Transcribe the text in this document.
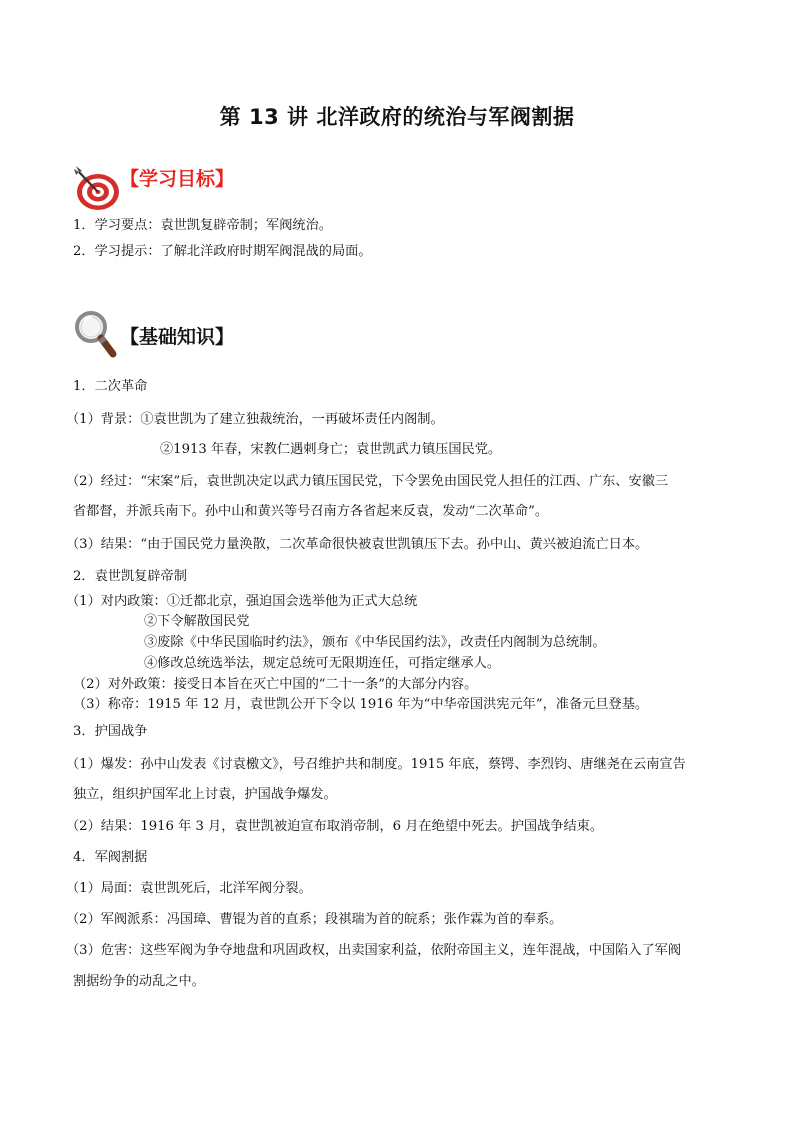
第 13 讲 北洋政府的统治与军阀割据
【学习目标】
1．学习要点：袁世凯复辟帝制；军阀统治。
2．学习提示：了解北洋政府时期军阀混战的局面。
【基础知识】
1．二次革命
（1）背景：①袁世凯为了建立独裁统治，一再破坏责任内阁制。
②1913 年春，宋教仁遇刺身亡；袁世凯武力镇压国民党。
（2）经过：“宋案”后，袁世凯决定以武力镇压国民党，下令罢免由国民党人担任的江西、广东、安徽三
省都督，并派兵南下。孙中山和黄兴等号召南方各省起来反袁，发动“二次革命”。
（3）结果：“由于国民党力量涣散，二次革命很快被袁世凯镇压下去。孙中山、黄兴被迫流亡日本。
2．袁世凯复辟帝制
（1）对内政策：①迁都北京，强迫国会选举他为正式大总统
②下令解散国民党
③废除《中华民国临时约法》，颁布《中华民国约法》，改责任内阁制为总统制。
④修改总统选举法，规定总统可无限期连任，可指定继承人。
（2）对外政策：接受日本旨在灭亡中国的“二十一条”的大部分内容。
（3）称帝：1915 年 12 月，袁世凯公开下令以 1916 年为“中华帝国洪宪元年”，准备元旦登基。
3．护国战争
（1）爆发：孙中山发表《讨袁檄文》，号召维护共和制度。1915 年底，蔡锷、李烈钧、唐继尧在云南宣告
独立，组织护国军北上讨袁，护国战争爆发。
（2）结果：1916 年 3 月，袁世凯被迫宣布取消帝制，6 月在绝望中死去。护国战争结束。
4．军阀割据
（1）局面：袁世凯死后，北洋军阀分裂。
（2）军阀派系：冯国璋、曹锟为首的直系；段祺瑞为首的皖系；张作霖为首的奉系。
（3）危害：这些军阀为争夺地盘和巩固政权，出卖国家利益，依附帝国主义，连年混战，中国陷入了军阀
割据纷争的动乱之中。
